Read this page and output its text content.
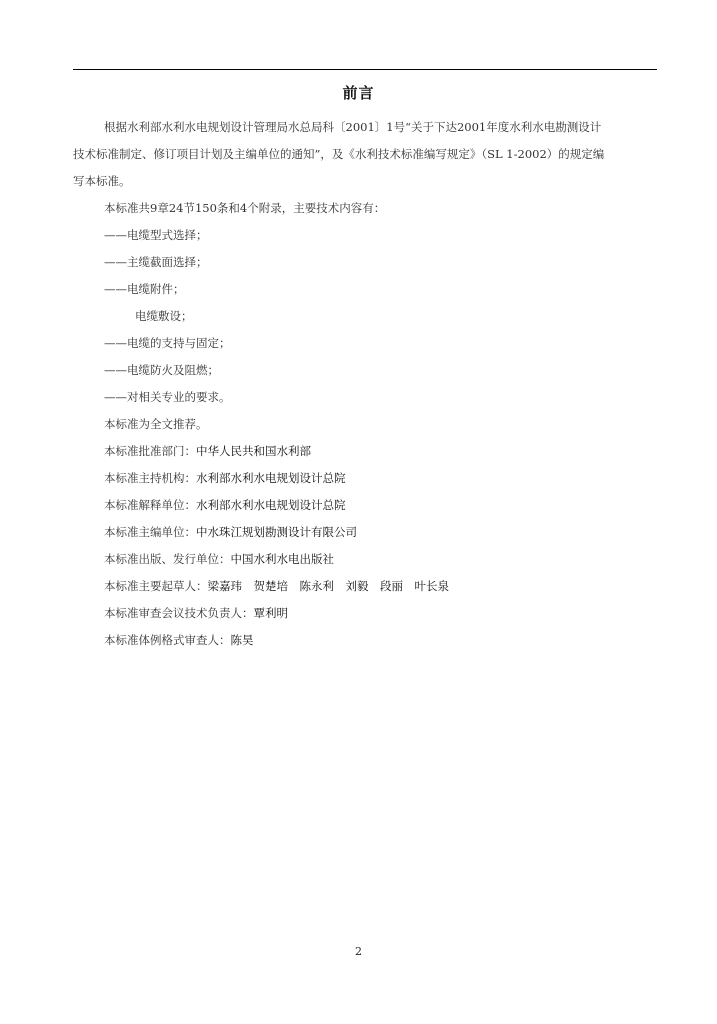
前言
根据水利部水利水电规划设计管理局水总局科〔2001〕1号“关于下达2001年度水利水电勘测设计
技术标准制定、修订项目计划及主编单位的通知”，及《水利技术标准编写规定》（SL 1-2002）的规定编
写本标准。
本标准共9章24节150条和4个附录，主要技术内容有：
——电缆型式选择；
——主缆截面选择；
——电缆附件；
电缆敷设；
——电缆的支持与固定；
——电缆防火及阻燃；
——对相关专业的要求。
本标准为全文推荐。
本标准批准部门：中华人民共和国水利部
本标准主持机构：水利部水利水电规划设计总院
本标准解释单位：水利部水利水电规划设计总院
本标准主编单位：中水珠江规划勘测设计有限公司
本标准出版、发行单位：中国水利水电出版社
本标准主要起草人：梁嘉玮　贺楚培　陈永利　刘毅　段丽　叶长泉
本标准审查会议技术负责人：覃利明
本标准体例格式审查人：陈昊
2
